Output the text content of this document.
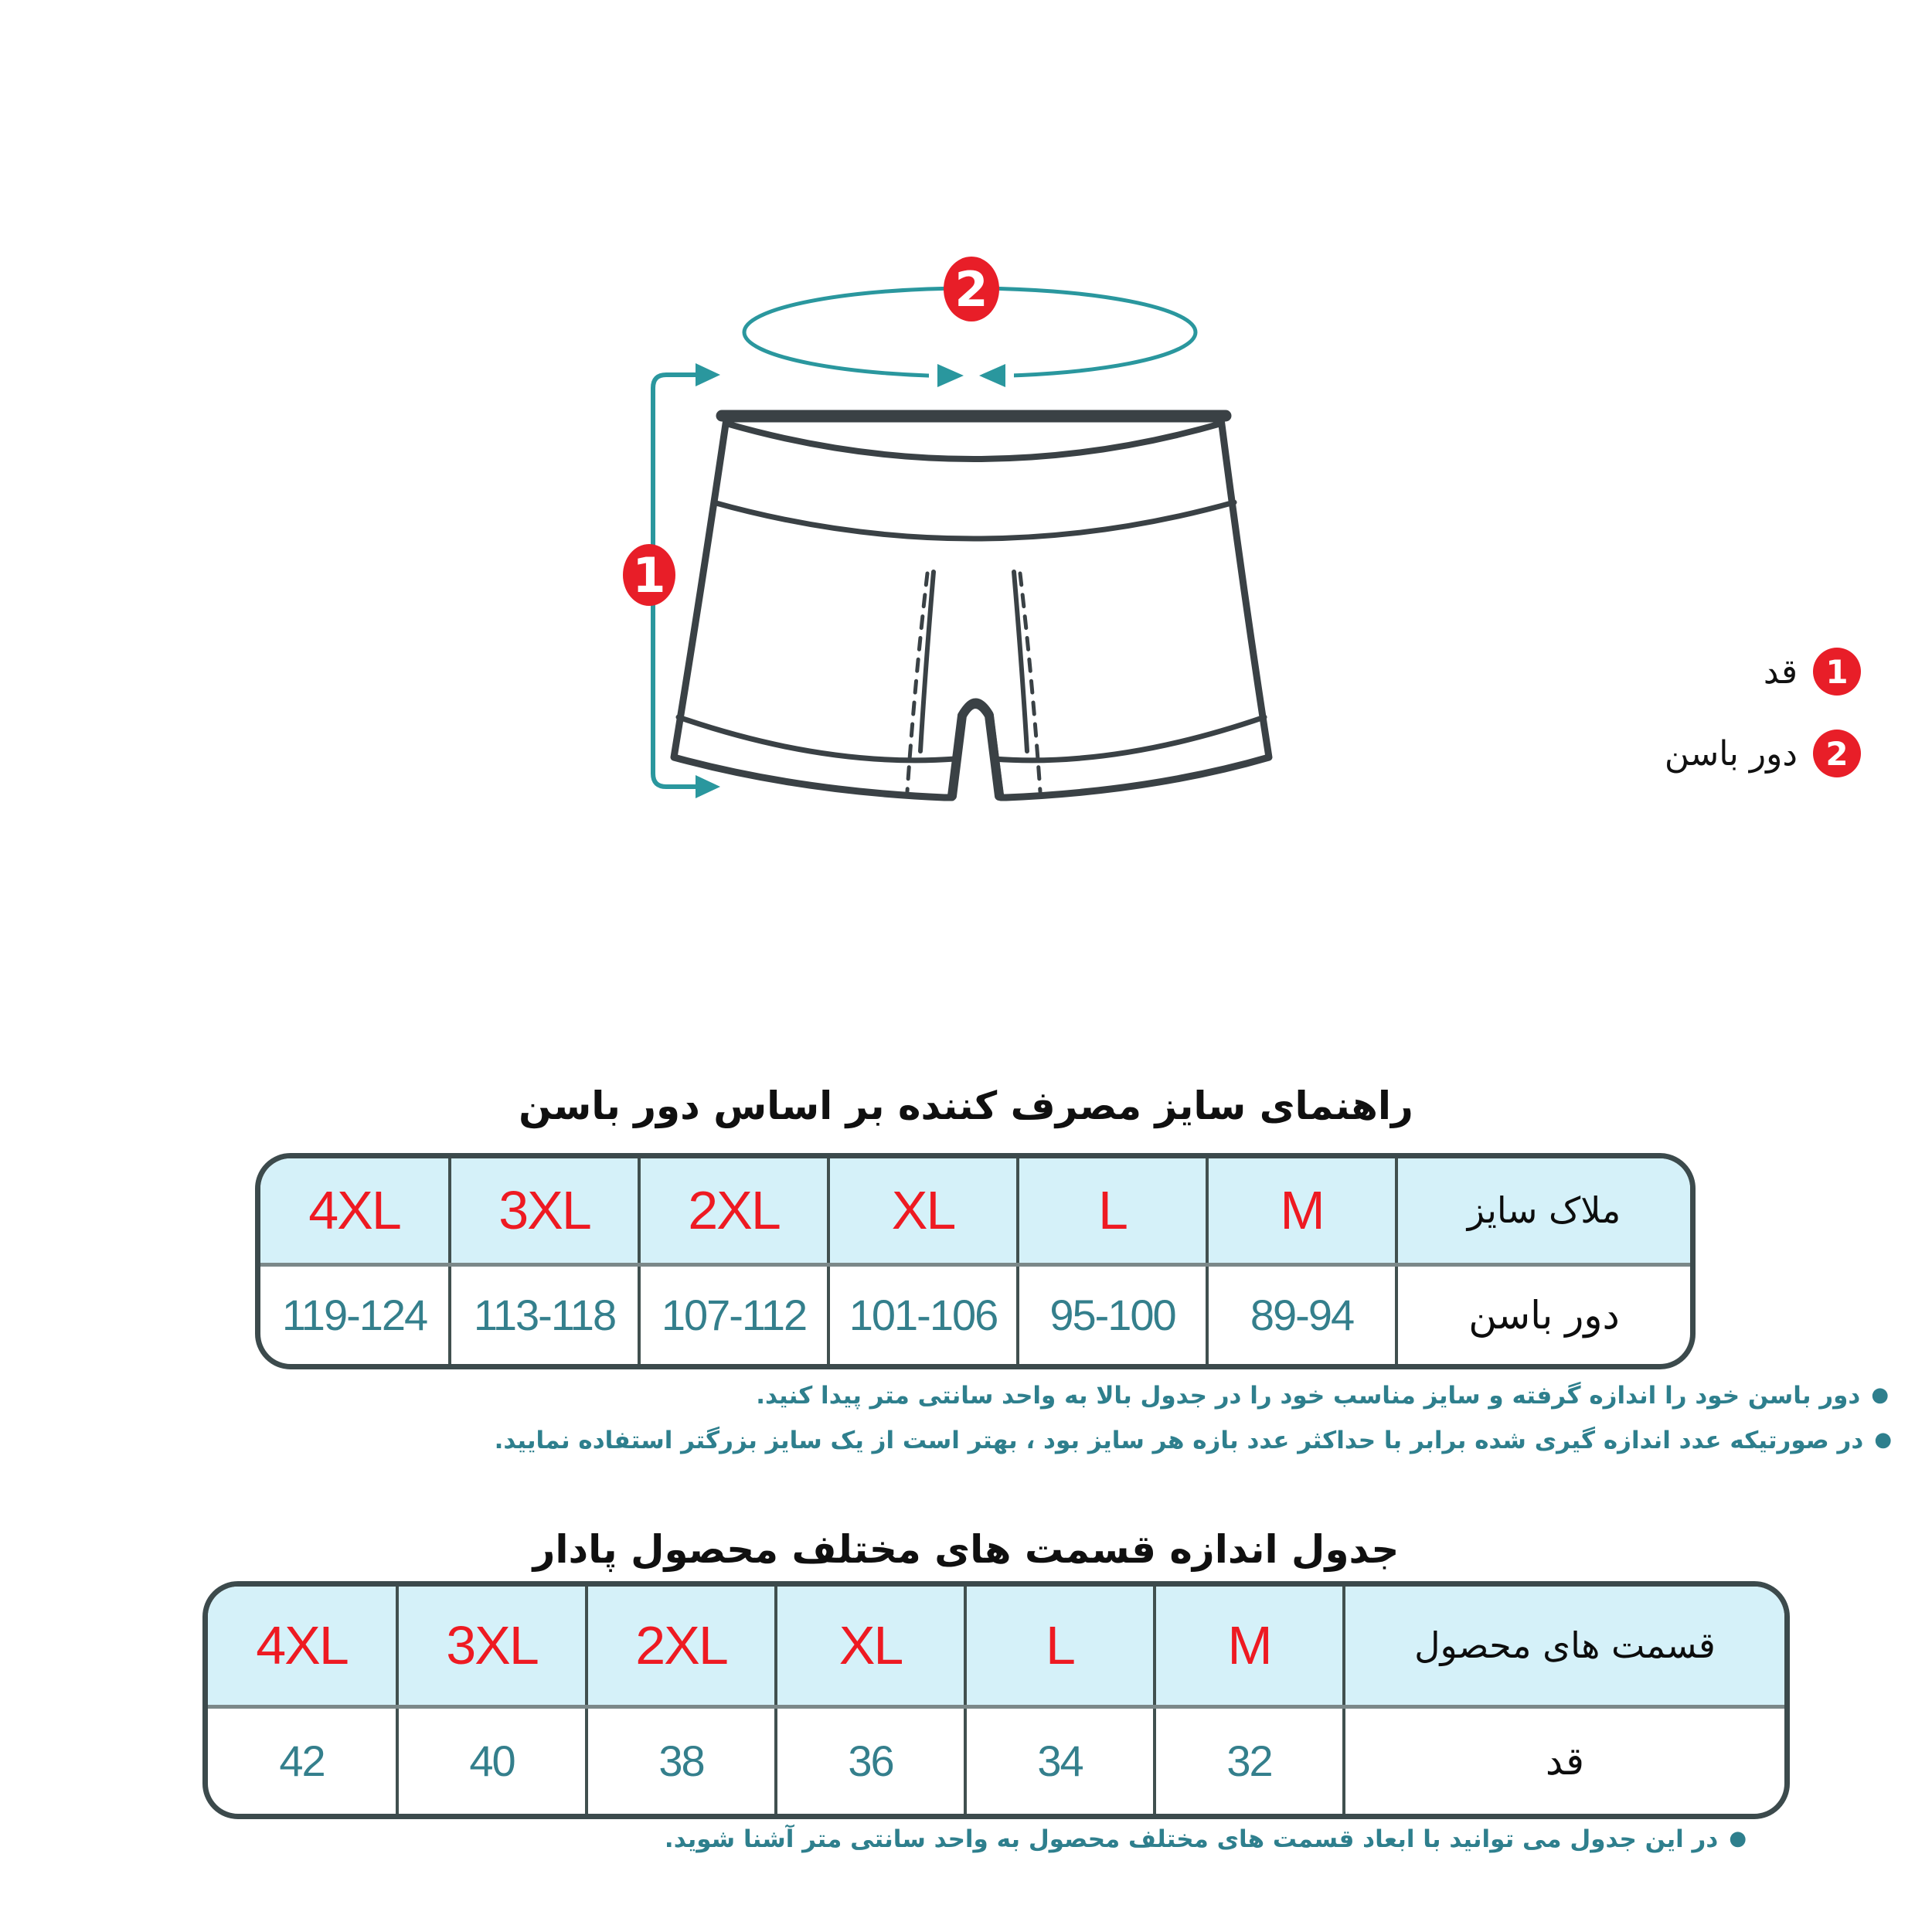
2
1
1
قد
2
دور باسن
راهنمای سایز مصرف کننده بر اساس دور باسن
4XL	3XL	2XL	XL	L	M	ملاک سایز
119-124	113-118	107-112	101-106	95-100	89-94	دور باسن
● دور باسن خود را اندازه گرفته و سایز مناسب خود را در جدول بالا به واحد سانتی متر پیدا کنید.
● در صورتیکه عدد اندازه گیری شده برابر با حداکثر عدد بازه هر سایز بود ، بهتر است از یک سایز بزرگتر استفاده نمایید.
جدول اندازه قسمت های مختلف محصول پادار
4XL	3XL	2XL	XL	L	M	قسمت های محصول
42	40	38	36	34	32	قد
● در این جدول می توانید با ابعاد قسمت های مختلف محصول به واحد سانتی متر آشنا شوید.
